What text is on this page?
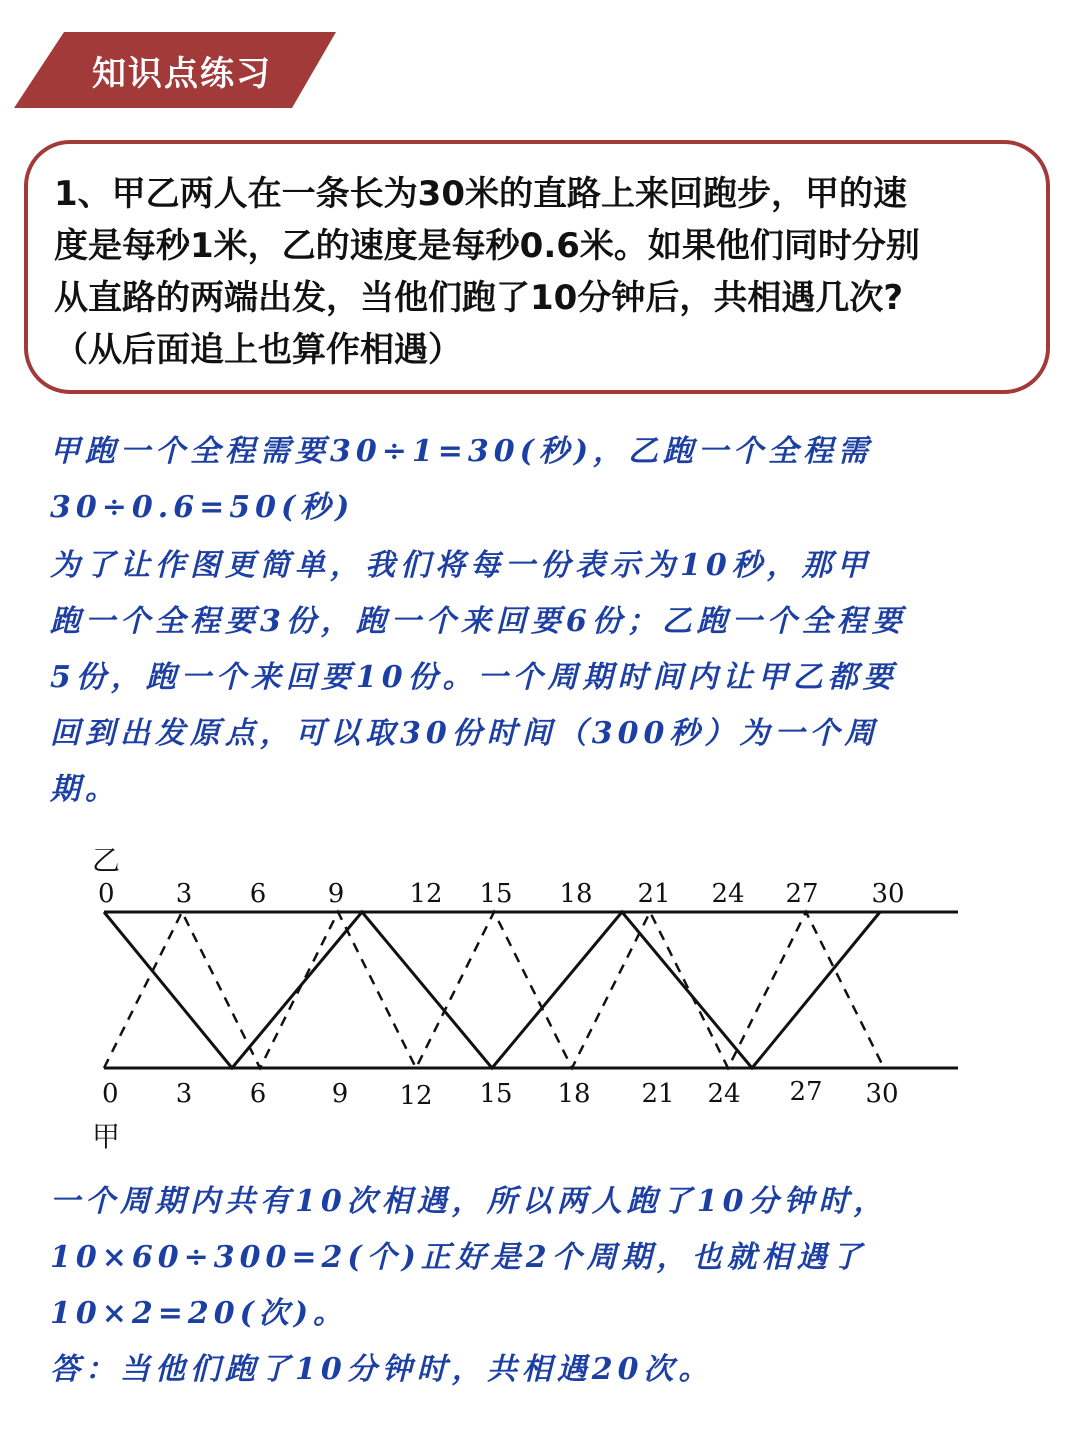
知识点练习
1、甲乙两人在一条长为30米的直路上来回跑步，甲的速
度是每秒1米，乙的速度是每秒0.6米。如果他们同时分别
从直路的两端出发，当他们跑了10分钟后，共相遇几次?
（从后面追上也算作相遇）
甲跑一个全程需要30÷1=30(秒)，乙跑一个全程需
30÷0.6=50(秒)
为了让作图更简单，我们将每一份表示为10秒，那甲
跑一个全程要3份，跑一个来回要6份；乙跑一个全程要
5份，跑一个来回要10份。一个周期时间内让甲乙都要
回到出发原点，可以取30份时间（300秒）为一个周
期。
乙
甲
0 3 6 9	12 15 18 21 24 27 30
0 3 6	9 12 15 18 21 24 27 30
一个周期内共有10次相遇，所以两人跑了10分钟时，
10×60÷300=2(个)正好是2个周期，也就相遇了
10×2=20(次)。
答：当他们跑了10分钟时，共相遇20次。
